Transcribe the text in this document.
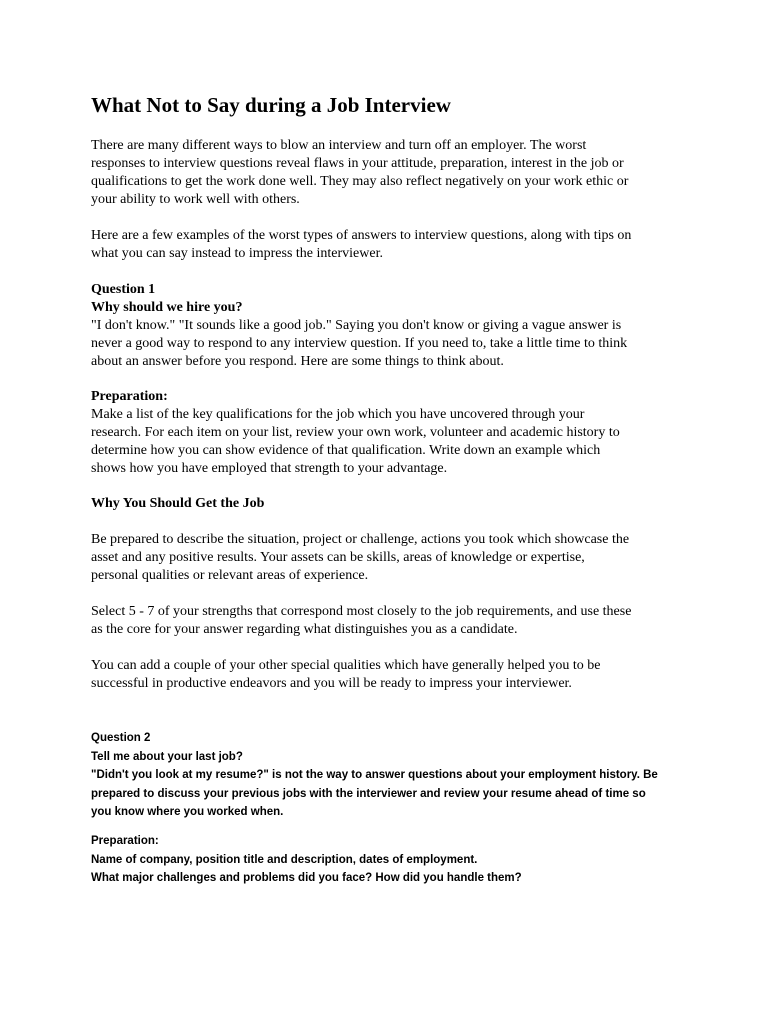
What Not to Say during a Job Interview

There are many different ways to blow an interview and turn off an employer. The worst
responses to interview questions reveal flaws in your attitude, preparation, interest in the job or
qualifications to get the work done well. They may also reflect negatively on your work ethic or
your ability to work well with others.

Here are a few examples of the worst types of answers to interview questions, along with tips on
what you can say instead to impress the interviewer.

Question 1
Why should we hire you?
"I don't know." "It sounds like a good job." Saying you don't know or giving a vague answer is
never a good way to respond to any interview question. If you need to, take a little time to think
about an answer before you respond. Here are some things to think about.

Preparation:
Make a list of the key qualifications for the job which you have uncovered through your
research. For each item on your list, review your own work, volunteer and academic history to
determine how you can show evidence of that qualification. Write down an example which
shows how you have employed that strength to your advantage.

Why You Should Get the Job

Be prepared to describe the situation, project or challenge, actions you took which showcase the
asset and any positive results. Your assets can be skills, areas of knowledge or expertise,
personal qualities or relevant areas of experience.

Select 5 - 7 of your strengths that correspond most closely to the job requirements, and use these
as the core for your answer regarding what distinguishes you as a candidate.

You can add a couple of your other special qualities which have generally helped you to be
successful in productive endeavors and you will be ready to impress your interviewer.

Question 2
Tell me about your last job?
"Didn't you look at my resume?" is not the way to answer questions about your employment history. Be
prepared to discuss your previous jobs with the interviewer and review your resume ahead of time so
you know where you worked when.

Preparation:
Name of company, position title and description, dates of employment.
What major challenges and problems did you face? How did you handle them?
